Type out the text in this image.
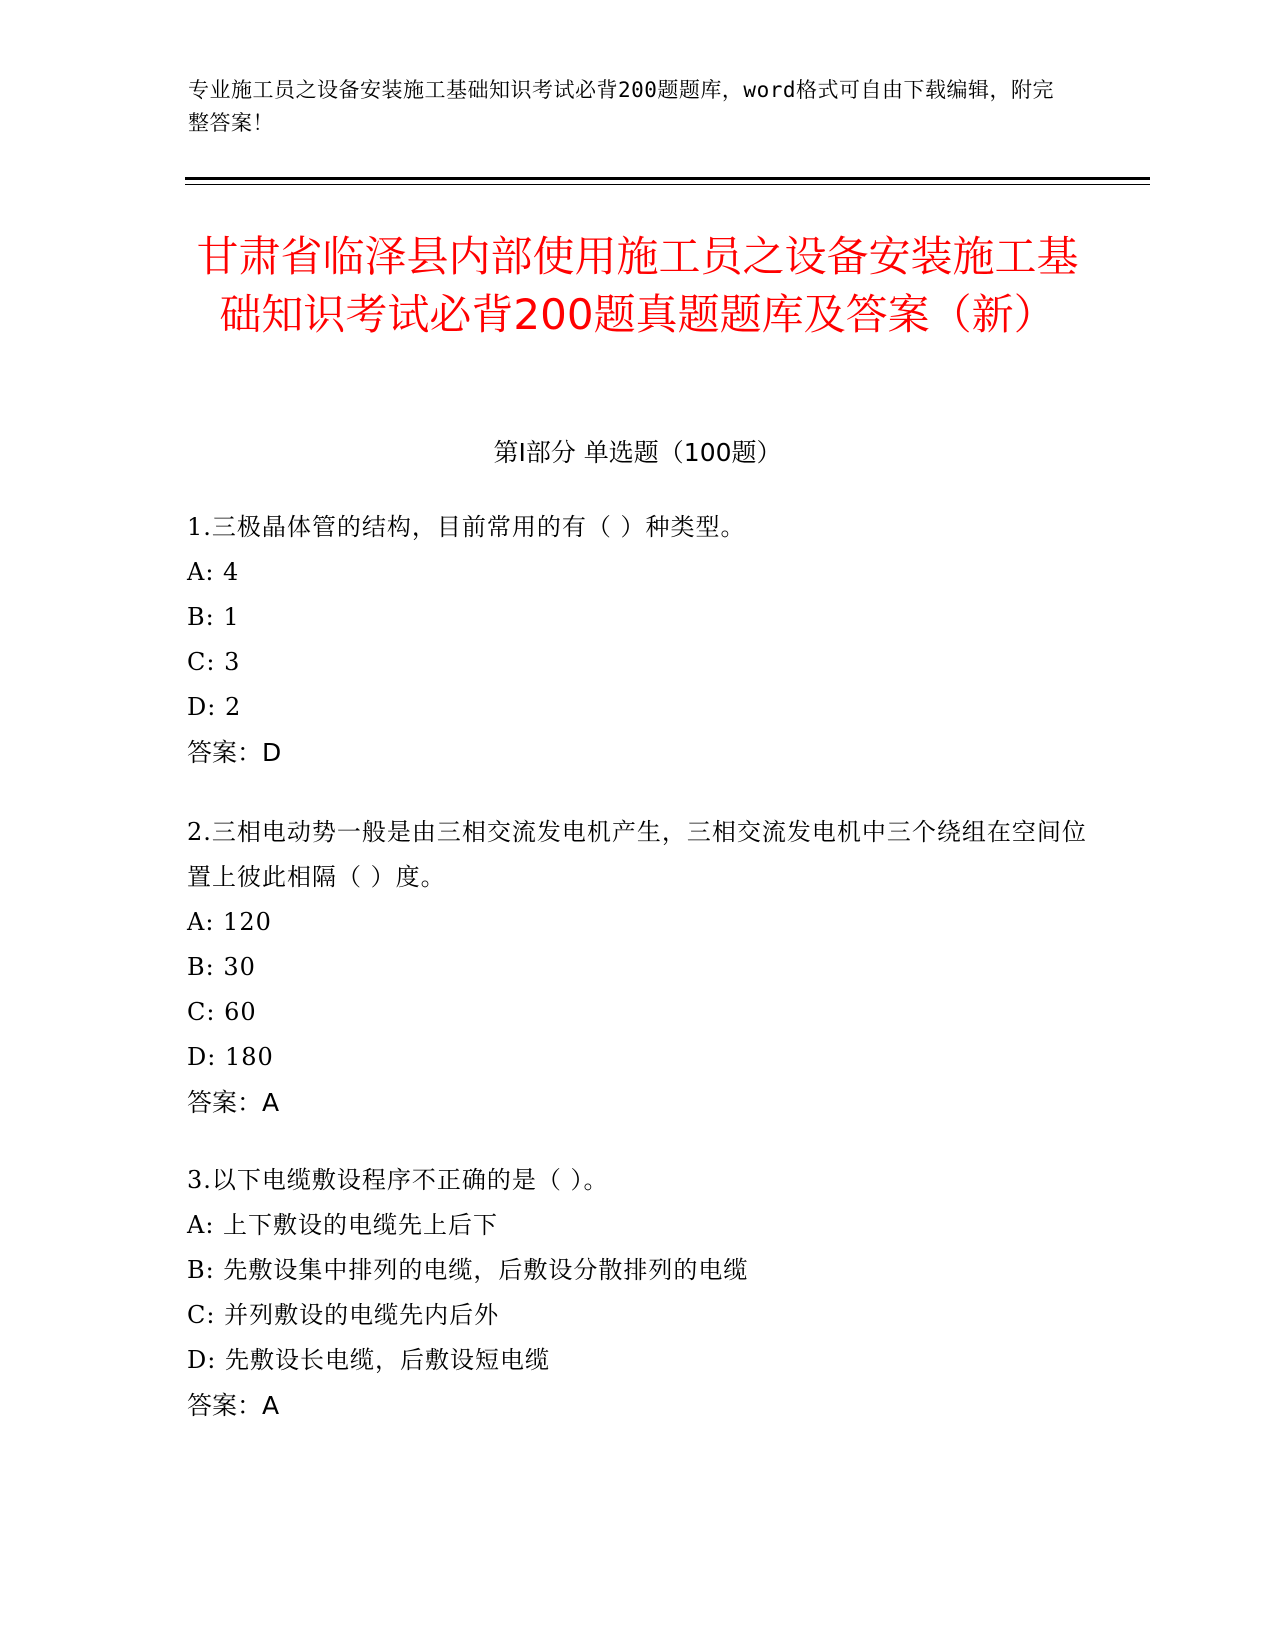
专业施工员之设备安装施工基础知识考试必背200题题库，word格式可自由下载编辑，附完整答案！
甘肃省临泽县内部使用施工员之设备安装施工基础知识考试必背200题真题题库及答案（新）
第I部分 单选题（100题）
1.三极晶体管的结构，目前常用的有（ ）种类型。
A: 4
B: 1
C: 3
D: 2
答案：D
2.三相电动势一般是由三相交流发电机产生，三相交流发电机中三个绕组在空间位置上彼此相隔（ ）度。
A: 120
B: 30
C: 60
D: 180
答案：A
3.以下电缆敷设程序不正确的是（ ）。
A: 上下敷设的电缆先上后下
B: 先敷设集中排列的电缆，后敷设分散排列的电缆
C: 并列敷设的电缆先内后外
D: 先敷设长电缆，后敷设短电缆
答案：A
